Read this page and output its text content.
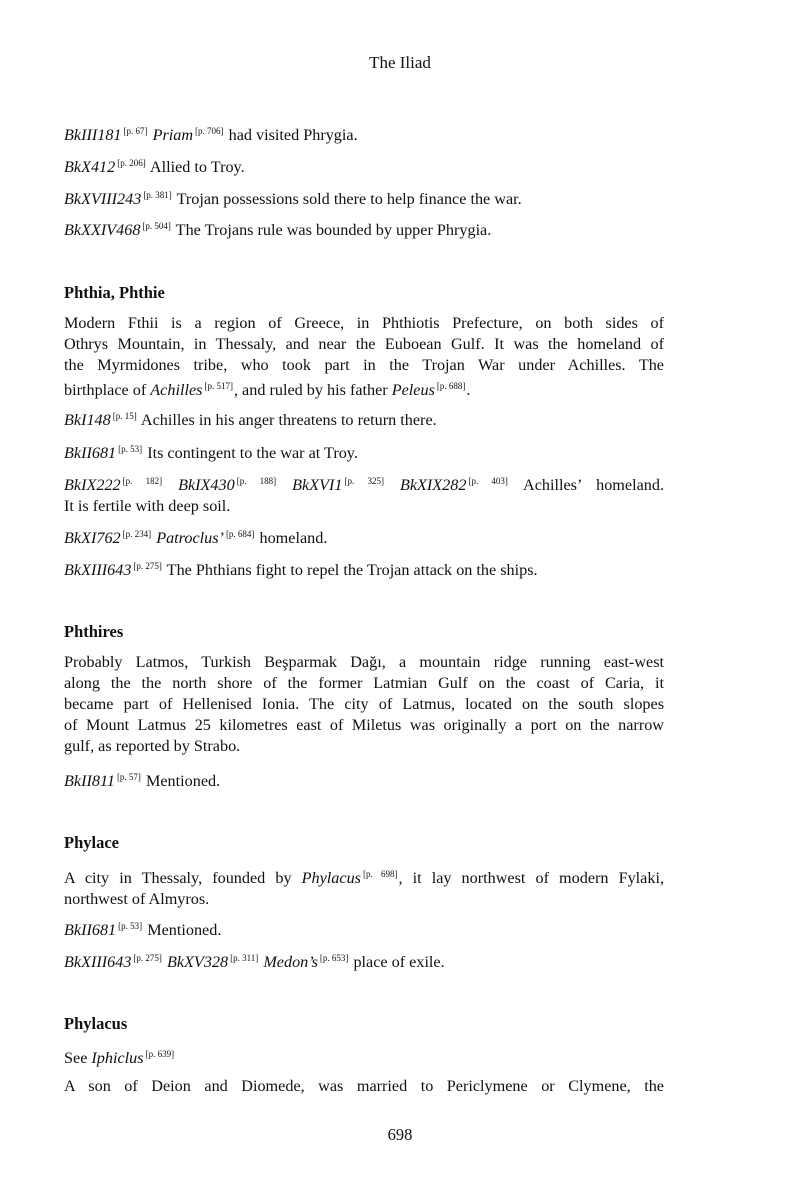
The Iliad
BkIII181 [p. 67] Priam [p. 706] had visited Phrygia.
BkX412 [p. 206] Allied to Troy.
BkXVIII243 [p. 381] Trojan possessions sold there to help finance the war.
BkXXIV468 [p. 504] The Trojans rule was bounded by upper Phrygia.
Phthia, Phthie
Modern Fthii is a region of Greece, in Phthiotis Prefecture, on both sides of
Othrys Mountain, in Thessaly, and near the Euboean Gulf. It was the homeland of
the Myrmidones tribe, who took part in the Trojan War under Achilles. The
birthplace of Achilles [p. 517], and ruled by his father Peleus [p. 688].
BkI148 [p. 15] Achilles in his anger threatens to return there.
BkII681 [p. 53] Its contingent to the war at Troy.
BkIX222 [p. 182] BkIX430 [p. 188] BkXVI1 [p. 325] BkXIX282 [p. 403] Achilles’ homeland.
It is fertile with deep soil.
BkXI762 [p. 234] Patroclus’ [p. 684] homeland.
BkXIII643 [p. 275] The Phthians fight to repel the Trojan attack on the ships.
Phthires
Probably Latmos, Turkish Beşparmak Dağı, a mountain ridge running east-west
along the the north shore of the former Latmian Gulf on the coast of Caria, it
became part of Hellenised Ionia. The city of Latmus, located on the south slopes
of Mount Latmus 25 kilometres east of Miletus was originally a port on the narrow
gulf, as reported by Strabo.
BkII811 [p. 57] Mentioned.
Phylace
A city in Thessaly, founded by Phylacus [p. 698], it lay northwest of modern Fylaki,
northwest of Almyros.
BkII681 [p. 53] Mentioned.
BkXIII643 [p. 275] BkXV328 [p. 311] Medon’s [p. 653] place of exile.
Phylacus
See Iphiclus [p. 639]
A son of Deion and Diomede, was married to Periclymene or Clymene, the
698
